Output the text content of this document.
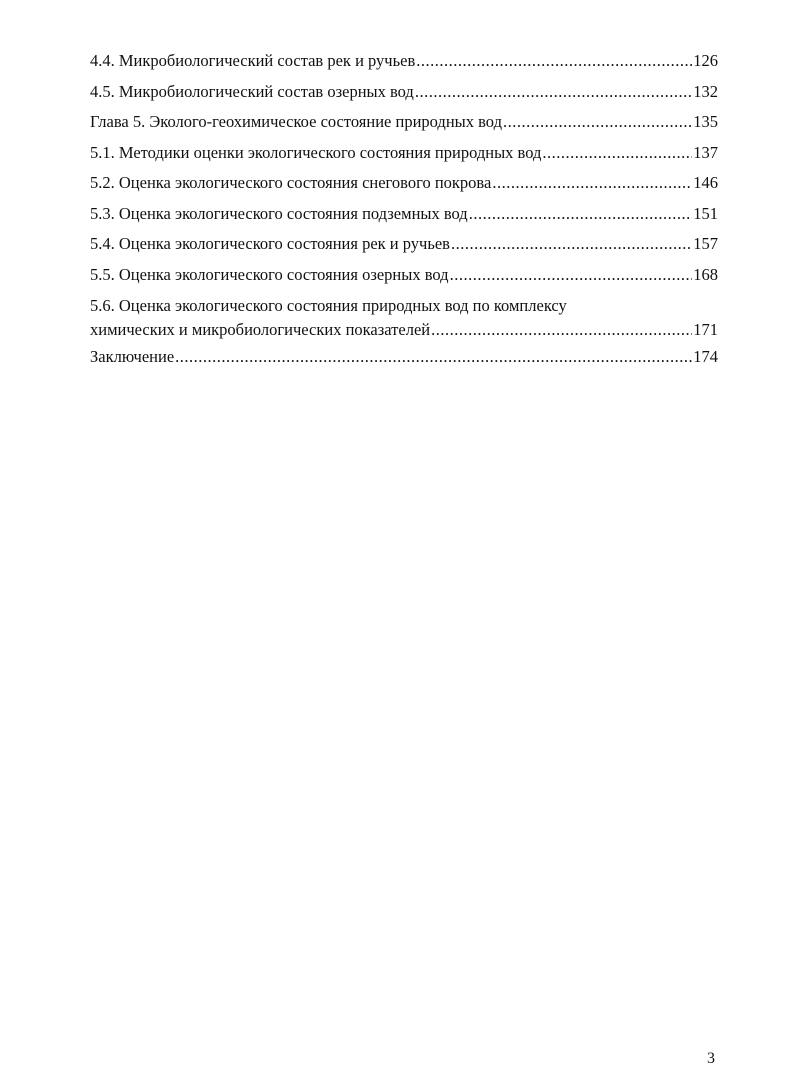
4.4. Микробиологический состав рек и ручьев .....	126
4.5. Микробиологический состав озерных вод .....	132
Глава 5. Эколого-геохимическое состояние природных вод .....	135
5.1. Методики оценки экологического состояния природных вод .....	137
5.2. Оценка экологического состояния снегового покрова .....	146
5.3. Оценка экологического состояния подземных вод .....	151
5.4. Оценка экологического состояния рек и ручьев .....	157
5.5. Оценка экологического состояния озерных вод .....	168
5.6. Оценка экологического состояния природных вод по комплексу
химических и микробиологических показателей .....	171
Заключение .....	174
3
